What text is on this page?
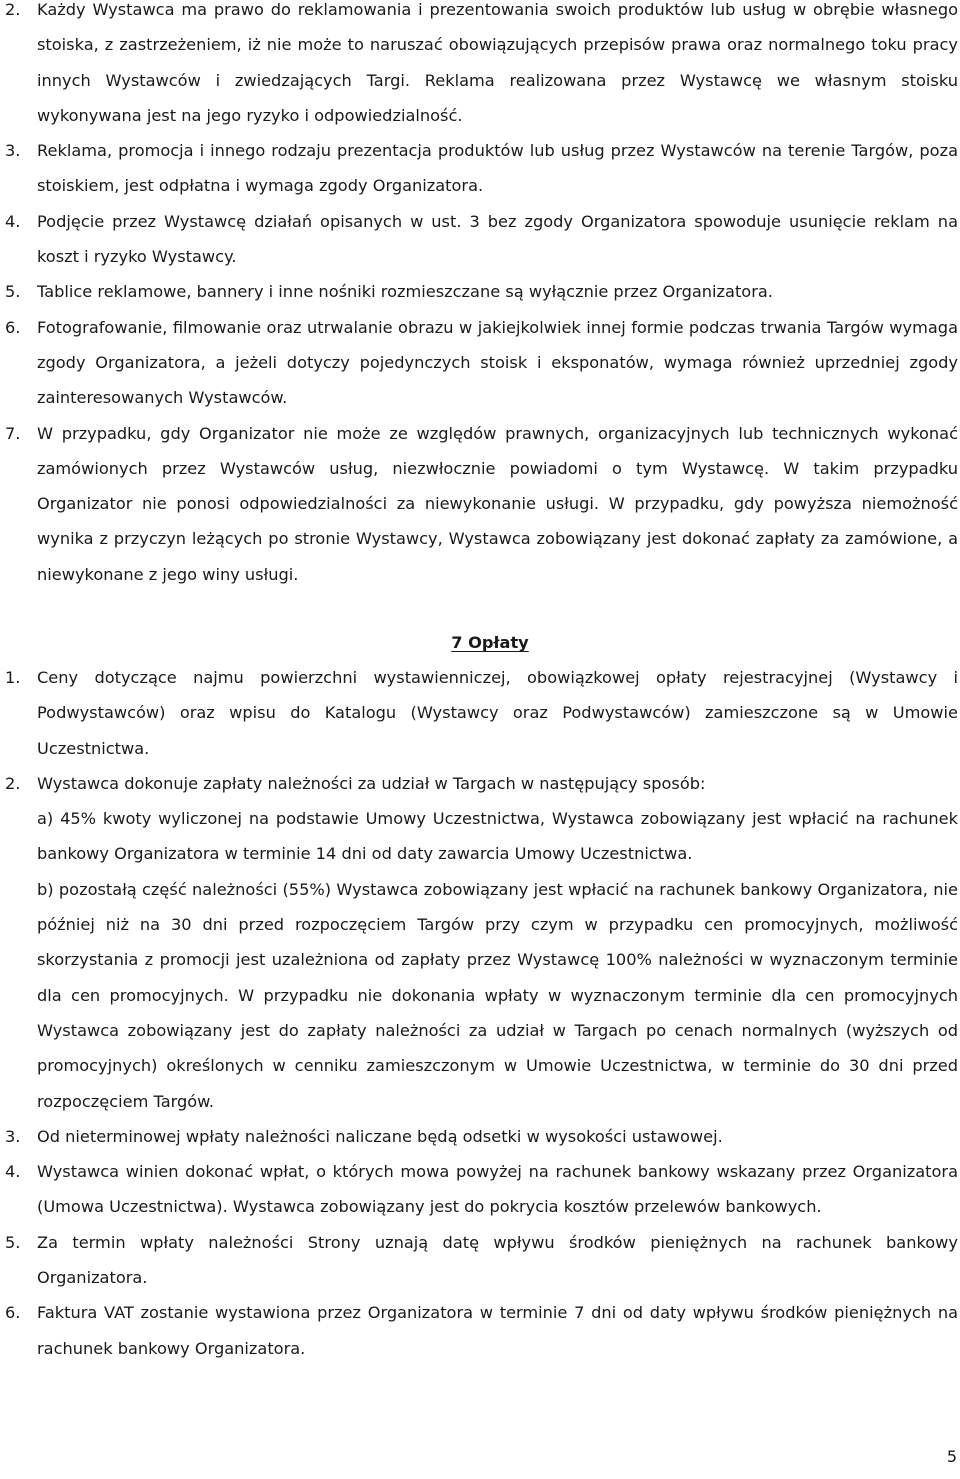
2. Każdy Wystawca ma prawo do reklamowania i prezentowania swoich produktów lub usług w obrębie własnego stoiska, z zastrzeżeniem, iż nie może to naruszać obowiązujących przepisów prawa oraz normalnego toku pracy innych Wystawców i zwiedzających Targi. Reklama realizowana przez Wystawcę we własnym stoisku wykonywana jest na jego ryzyko i odpowiedzialność.
3. Reklama, promocja i innego rodzaju prezentacja produktów lub usług przez Wystawców na terenie Targów, poza stoiskiem, jest odpłatna i wymaga zgody Organizatora.
4. Podjęcie przez Wystawcę działań opisanych w ust. 3 bez zgody Organizatora spowoduje usunięcie reklam na koszt i ryzyko Wystawcy.
5. Tablice reklamowe, bannery i inne nośniki rozmieszczane są wyłącznie przez Organizatora.
6. Fotografowanie, filmowanie oraz utrwalanie obrazu w jakiejkolwiek innej formie podczas trwania Targów wymaga zgody Organizatora, a jeżeli dotyczy pojedynczych stoisk i eksponatów, wymaga również uprzedniej zgody zainteresowanych Wystawców.
7. W przypadku, gdy Organizator nie może ze względów prawnych, organizacyjnych lub technicznych wykonać zamówionych przez Wystawców usług, niezwłocznie powiadomi o tym Wystawcę. W takim przypadku Organizator nie ponosi odpowiedzialności za niewykonanie usługi. W przypadku, gdy powyższa niemożność wynika z przyczyn leżących po stronie Wystawcy, Wystawca zobowiązany jest dokonać zapłaty za zamówione, a niewykonane z jego winy usługi.

7 Opłaty

1. Ceny dotyczące najmu powierzchni wystawienniczej, obowiązkowej opłaty rejestracyjnej (Wystawcy i Podwystawców) oraz wpisu do Katalogu (Wystawcy oraz Podwystawców) zamieszczone są w Umowie Uczestnictwa.
2. Wystawca dokonuje zapłaty należności za udział w Targach w następujący sposób:
a) 45% kwoty wyliczonej na podstawie Umowy Uczestnictwa, Wystawca zobowiązany jest wpłacić na rachunek bankowy Organizatora w terminie 14 dni od daty zawarcia Umowy Uczestnictwa.
b) pozostałą część należności (55%) Wystawca zobowiązany jest wpłacić na rachunek bankowy Organizatora, nie później niż na 30 dni przed rozpoczęciem Targów przy czym w przypadku cen promocyjnych, możliwość skorzystania z promocji jest uzależniona od zapłaty przez Wystawcę 100% należności w wyznaczonym terminie dla cen promocyjnych. W przypadku nie dokonania wpłaty w wyznaczonym terminie dla cen promocyjnych Wystawca zobowiązany jest do zapłaty należności za udział w Targach po cenach normalnych (wyższych od promocyjnych) określonych w cenniku zamieszczonym w Umowie Uczestnictwa, w terminie do 30 dni przed rozpoczęciem Targów.
3. Od nieterminowej wpłaty należności naliczane będą odsetki w wysokości ustawowej.
4. Wystawca winien dokonać wpłat, o których mowa powyżej na rachunek bankowy wskazany przez Organizatora (Umowa Uczestnictwa). Wystawca zobowiązany jest do pokrycia kosztów przelewów bankowych.
5. Za termin wpłaty należności Strony uznają datę wpływu środków pieniężnych na rachunek bankowy Organizatora.
6. Faktura VAT zostanie wystawiona przez Organizatora w terminie 7 dni od daty wpływu środków pieniężnych na rachunek bankowy Organizatora.
5
